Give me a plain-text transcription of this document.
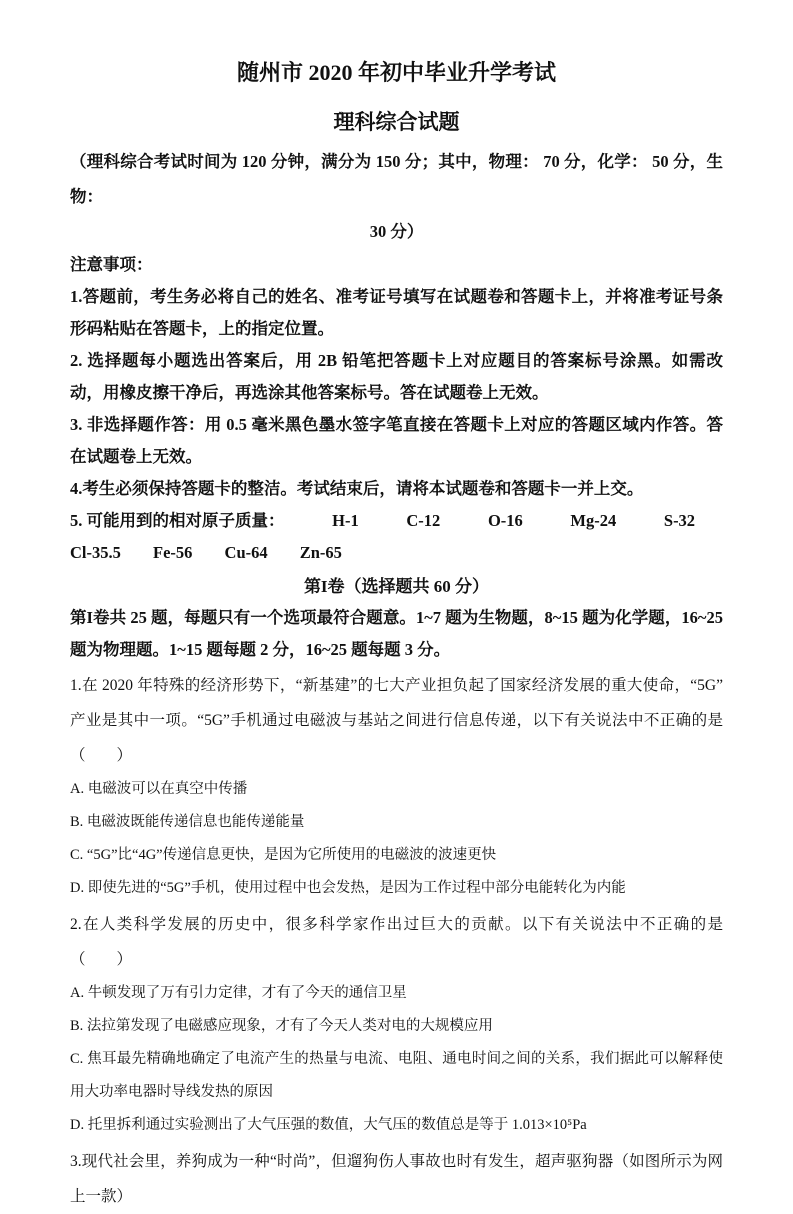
随州市 2020 年初中毕业升学考试
理科综合试题
（理科综合考试时间为 120 分钟，满分为 150 分；其中，物理： 70 分，化学： 50 分，生物：
30 分）
注意事项：
1.答题前，考生务必将自己的姓名、准考证号填写在试题卷和答题卡上，并将准考证号条形码粘贴在答题卡，上的指定位置。
2. 选择题每小题选出答案后，用 2B 铅笔把答题卡上对应题目的答案标号涂黑。如需改动，用橡皮擦干净后，再选涂其他答案标号。答在试题卷上无效。
3. 非选择题作答：用 0.5 毫米黑色墨水签字笔直接在答题卡上对应的答题区域内作答。答在试题卷上无效。
4.考生必须保持答题卡的整洁。考试结束后，请将本试题卷和答题卡一并上交。
5. 可能用到的相对原子质量：	H-1	C-12	O-16	Mg-24	S-32 Cl-35.5 Fe-56 Cu-64 Zn-65
第I卷（选择题共 60 分）
第I卷共 25 题，每题只有一个选项最符合题意。1~7 题为生物题，8~15 题为化学题，16~25 题为物理题。1~15 题每题 2 分，16~25 题每题 3 分。
1.在 2020 年特殊的经济形势下，“新基建”的七大产业担负起了国家经济发展的重大使命，“5G”产业是其中一项。“5G”手机通过电磁波与基站之间进行信息传递，以下有关说法中不正确的是（　　）
A. 电磁波可以在真空中传播
B. 电磁波既能传递信息也能传递能量
C. “5G”比“4G”传递信息更快，是因为它所使用的电磁波的波速更快
D. 即使先进的“5G”手机，使用过程中也会发热，是因为工作过程中部分电能转化为内能
2.在人类科学发展的历史中，很多科学家作出过巨大的贡献。以下有关说法中不正确的是（　　）
A. 牛顿发现了万有引力定律，才有了今天的通信卫星
B. 法拉第发现了电磁感应现象，才有了今天人类对电的大规模应用
C. 焦耳最先精确地确定了电流产生的热量与电流、电阻、通电时间之间的关系，我们据此可以解释使用大功率电器时导线发热的原因
D. 托里拆利通过实验测出了大气压强的数值，大气压的数值总是等于 1.013×10⁵Pa
3.现代社会里，养狗成为一种“时尚”，但遛狗伤人事故也时有发生，超声驱狗器（如图所示为网上一款）
